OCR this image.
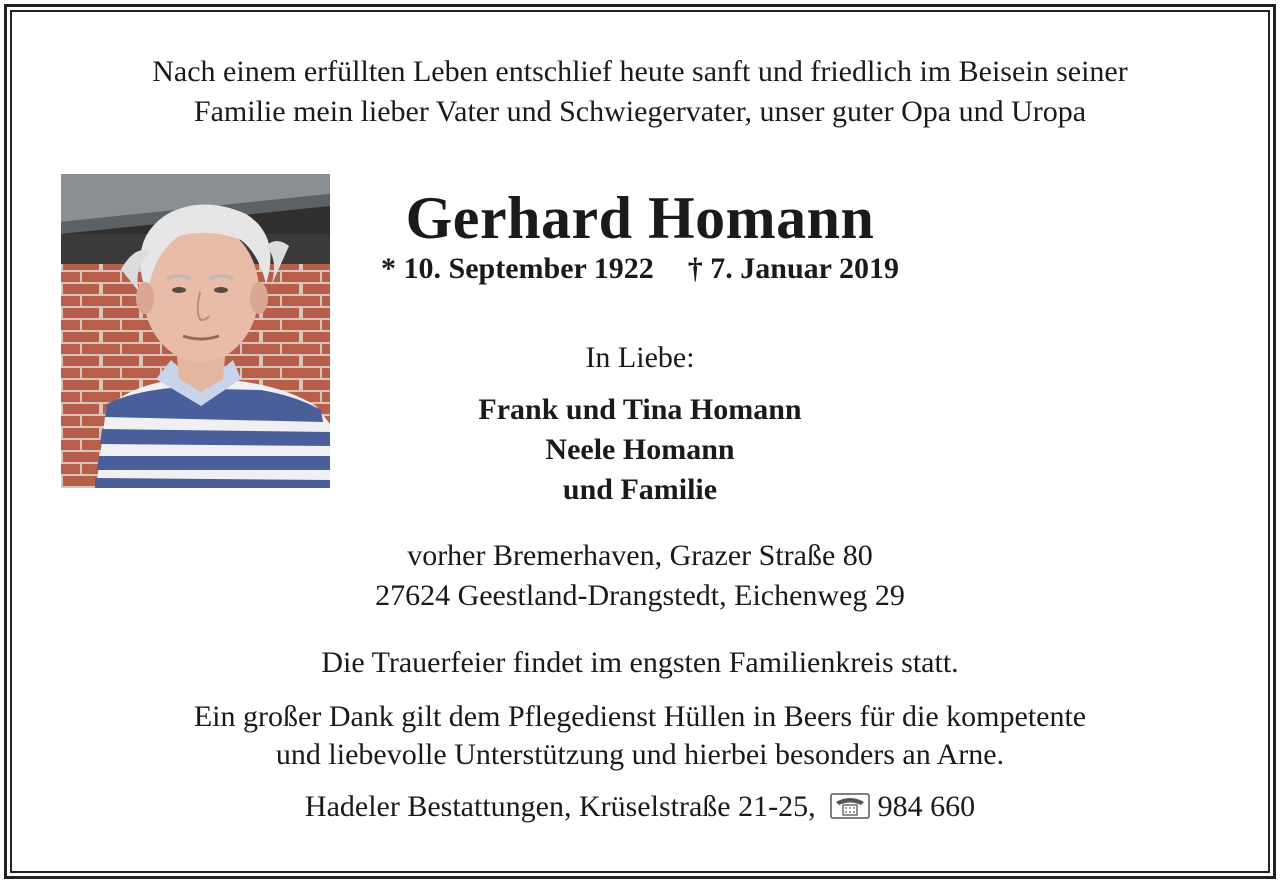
Nach einem erfüllten Leben entschlief heute sanft und friedlich im Beisein seiner
Familie mein lieber Vater und Schwiegervater, unser guter Opa und Uropa
Gerhard Homann
* 10. September 1922 † 7. Januar 2019
In Liebe:
Frank und Tina Homann
Neele Homann
und Familie
vorher Bremerhaven, Grazer Straße 80
27624 Geestland-Drangstedt, Eichenweg 29
Die Trauerfeier findet im engsten Familienkreis statt.
Ein großer Dank gilt dem Pflegedienst Hüllen in Beers für die kompetente
und liebevolle Unterstützung und hierbei besonders an Arne.
Hadeler Bestattungen, Krüselstraße 21-25, 984 660
